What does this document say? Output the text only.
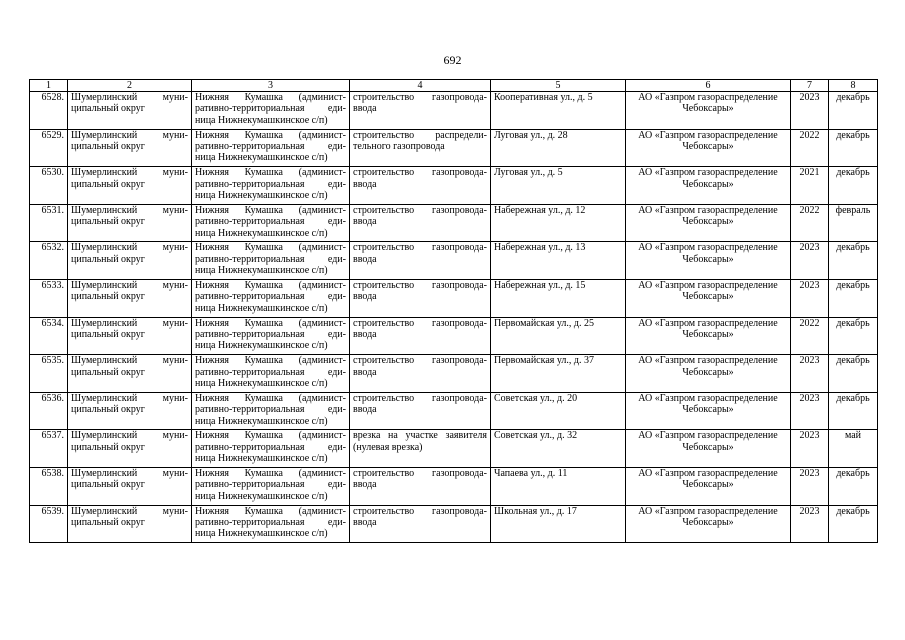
692
1	2	3	4	5	6	7	8

6528.	Шумерлинский муни-
ципальный округ	Нижняя Кумашка (админист-
ративно-территориальная еди-
ница Нижнекумашкинское с/п)	строительство газопровода-
ввода	Кооперативная ул., д. 5	АО «Газпром газораспределение
Чебоксары»	2023	декабрь

6529.	Шумерлинский муни-
ципальный округ	Нижняя Кумашка (админист-
ративно-территориальная еди-
ница Нижнекумашкинское с/п)	строительство распредели-
тельного газопровода	Луговая ул., д. 28	АО «Газпром газораспределение
Чебоксары»	2022	декабрь

6530.	Шумерлинский муни-
ципальный округ	Нижняя Кумашка (админист-
ративно-территориальная еди-
ница Нижнекумашкинское с/п)	строительство газопровода-
ввода	Луговая ул., д. 5	АО «Газпром газораспределение
Чебоксары»	2021	декабрь

6531.	Шумерлинский муни-
ципальный округ	Нижняя Кумашка (админист-
ративно-территориальная еди-
ница Нижнекумашкинское с/п)	строительство газопровода-
ввода	Набережная ул., д. 12	АО «Газпром газораспределение
Чебоксары»	2022	февраль

6532.	Шумерлинский муни-
ципальный округ	Нижняя Кумашка (админист-
ративно-территориальная еди-
ница Нижнекумашкинское с/п)	строительство газопровода-
ввода	Набережная ул., д. 13	АО «Газпром газораспределение
Чебоксары»	2023	декабрь

6533.	Шумерлинский муни-
ципальный округ	Нижняя Кумашка (админист-
ративно-территориальная еди-
ница Нижнекумашкинское с/п)	строительство газопровода-
ввода	Набережная ул., д. 15	АО «Газпром газораспределение
Чебоксары»	2023	декабрь

6534.	Шумерлинский муни-
ципальный округ	Нижняя Кумашка (админист-
ративно-территориальная еди-
ница Нижнекумашкинское с/п)	строительство газопровода-
ввода	Первомайская ул., д. 25	АО «Газпром газораспределение
Чебоксары»	2022	декабрь

6535.	Шумерлинский муни-
ципальный округ	Нижняя Кумашка (админист-
ративно-территориальная еди-
ница Нижнекумашкинское с/п)	строительство газопровода-
ввода	Первомайская ул., д. 37	АО «Газпром газораспределение
Чебоксары»	2023	декабрь

6536.	Шумерлинский муни-
ципальный округ	Нижняя Кумашка (админист-
ративно-территориальная еди-
ница Нижнекумашкинское с/п)	строительство газопровода-
ввода	Советская ул., д. 20	АО «Газпром газораспределение
Чебоксары»	2023	декабрь

6537.	Шумерлинский муни-
ципальный округ	Нижняя Кумашка (админист-
ративно-территориальная еди-
ница Нижнекумашкинское с/п)	врезка на участке заявителя
(нулевая врезка)	Советская ул., д. 32	АО «Газпром газораспределение
Чебоксары»	2023	май

6538.	Шумерлинский муни-
ципальный округ	Нижняя Кумашка (админист-
ративно-территориальная еди-
ница Нижнекумашкинское с/п)	строительство газопровода-
ввода	Чапаева ул., д. 11	АО «Газпром газораспределение
Чебоксары»	2023	декабрь

6539.	Шумерлинский муни-
ципальный округ	Нижняя Кумашка (админист-
ративно-территориальная еди-
ница Нижнекумашкинское с/п)	строительство газопровода-
ввода	Школьная ул., д. 17	АО «Газпром газораспределение
Чебоксары»	2023	декабрь
